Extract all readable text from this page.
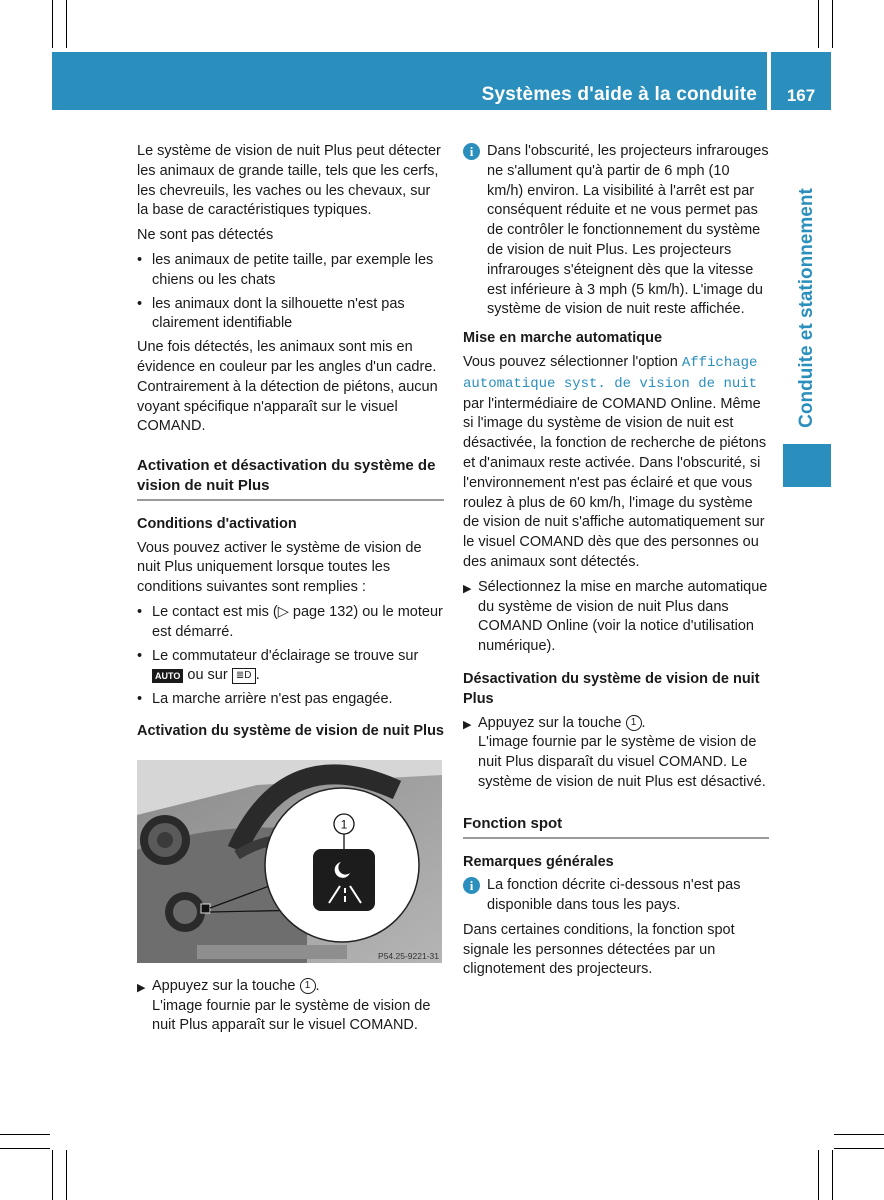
Systèmes d'aide à la conduite	167
Conduite et stationnement

Le système de vision de nuit Plus peut détecter les animaux de grande taille, tels que les cerfs, les chevreuils, les vaches ou les chevaux, sur la base de caractéristiques typiques.

Ne sont pas détectés

• les animaux de petite taille, par exemple les chiens ou les chats
• les animaux dont la silhouette n'est pas clairement identifiable

Une fois détectés, les animaux sont mis en évidence en couleur par les angles d'un cadre. Contrairement à la détection de piétons, aucun voyant spécifique n'apparaît sur le visuel COMAND.

Activation et désactivation du système de vision de nuit Plus
Conditions d'activation

Vous pouvez activer le système de vision de nuit Plus uniquement lorsque toutes les conditions suivantes sont remplies :

• Le contact est mis (▷ page 132) ou le moteur est démarré.
• Le commutateur d'éclairage se trouve sur AUTO ou sur ≣D .
• La marche arrière n'est pas engagée.
Activation du système de vision de nuit Plus
1
P54.25-9221-31
▶ Appuyez sur la touche 1 .
L'image fournie par le système de vision de nuit Plus apparaît sur le visuel COMAND.
i Dans l'obscurité, les projecteurs infrarouges ne s'allument qu'à partir de 6 mph (10 km/h) environ. La visibilité à l'arrêt est par conséquent réduite et ne vous permet pas de contrôler le fonctionnement du système de vision de nuit Plus. Les projecteurs infrarouges s'éteignent dès que la vitesse est inférieure à 3 mph (5 km/h). L'image du système de vision de nuit reste affichée.
Mise en marche automatique

Vous pouvez sélectionner l'option Affichage automatique syst. de vision de nuit par l'intermédiaire de COMAND Online. Même si l'image du système de vision de nuit est désactivée, la fonction de recherche de piétons et d'animaux reste activée. Dans l'obscurité, si l'environnement n'est pas éclairé et que vous roulez à plus de 60 km/h, l'image du système de vision de nuit s'affiche automatiquement sur le visuel COMAND dès que des personnes ou des animaux sont détectés.

▶ Sélectionnez la mise en marche automatique du système de vision de nuit Plus dans COMAND Online (voir la notice d'utilisation numérique).
Désactivation du système de vision de nuit Plus
▶ Appuyez sur la touche 1 .
L'image fournie par le système de vision de nuit Plus disparaît du visuel COMAND. Le système de vision de nuit Plus est désactivé.
Fonction spot
Remarques générales
i La fonction décrite ci-dessous n'est pas disponible dans tous les pays.

Dans certaines conditions, la fonction spot signale les personnes détectées par un clignotement des projecteurs.
